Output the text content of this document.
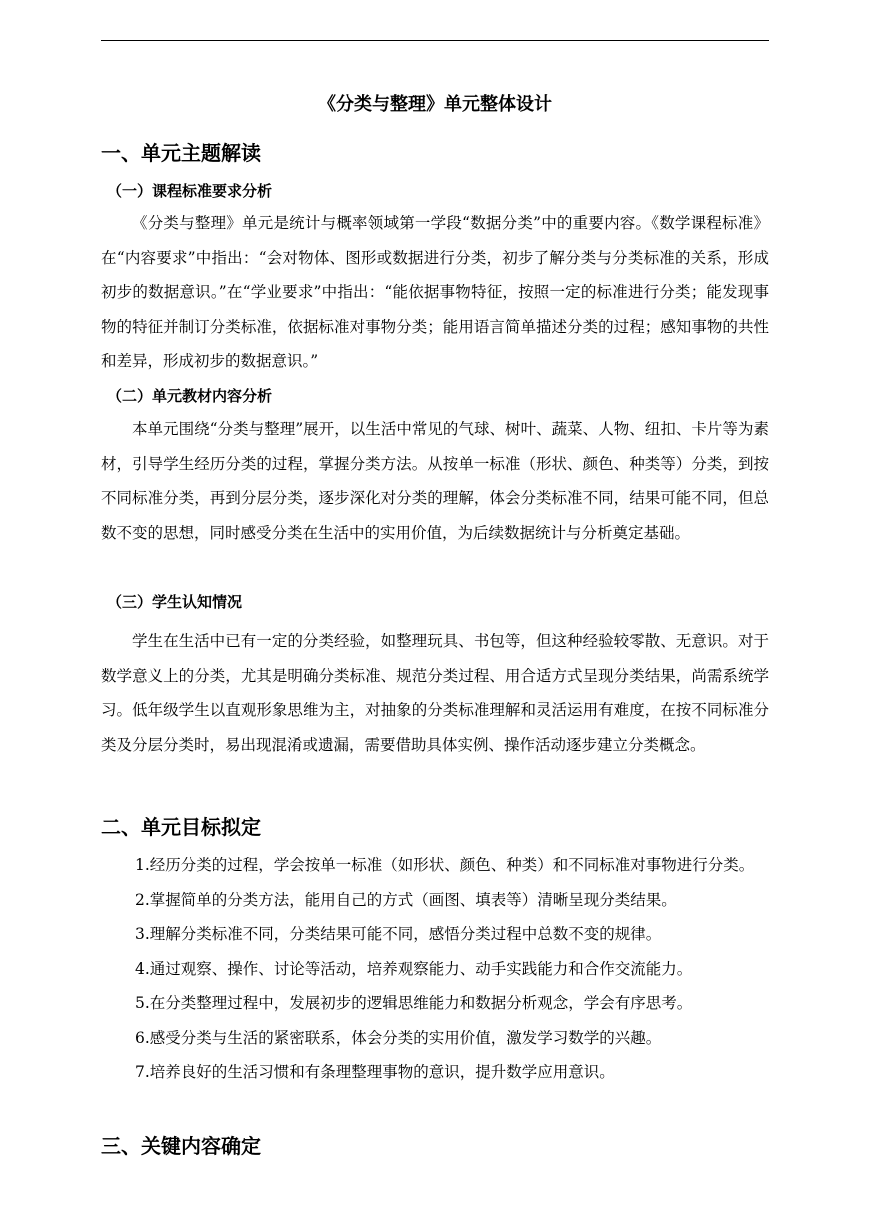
《分类与整理》单元整体设计
一、单元主题解读
（一）课程标准要求分析

《分类与整理》单元是统计与概率领域第一学段“数据分类”中的重要内容。《数学课程标准》在“内容要求”中指出：“会对物体、图形或数据进行分类，初步了解分类与分类标准的关系，形成初步的数据意识。”在“学业要求”中指出：“能依据事物特征，按照一定的标准进行分类；能发现事物的特征并制订分类标准，依据标准对事物分类；能用语言简单描述分类的过程；感知事物的共性和差异，形成初步的数据意识。”

（二）单元教材内容分析

本单元围绕“分类与整理”展开，以生活中常见的气球、树叶、蔬菜、人物、纽扣、卡片等为素材，引导学生经历分类的过程，掌握分类方法。从按单一标准（形状、颜色、种类等）分类，到按不同标准分类，再到分层分类，逐步深化对分类的理解，体会分类标准不同，结果可能不同，但总数不变的思想，同时感受分类在生活中的实用价值，为后续数据统计与分析奠定基础。

（三）学生认知情况

学生在生活中已有一定的分类经验，如整理玩具、书包等，但这种经验较零散、无意识。对于数学意义上的分类，尤其是明确分类标准、规范分类过程、用合适方式呈现分类结果，尚需系统学习。低年级学生以直观形象思维为主，对抽象的分类标准理解和灵活运用有难度，在按不同标准分类及分层分类时，易出现混淆或遗漏，需要借助具体实例、操作活动逐步建立分类概念。

二、单元目标拟定
1.经历分类的过程，学会按单一标准（如形状、颜色、种类）和不同标准对事物进行分类。
2.掌握简单的分类方法，能用自己的方式（画图、填表等）清晰呈现分类结果。
3.理解分类标准不同，分类结果可能不同，感悟分类过程中总数不变的规律。
4.通过观察、操作、讨论等活动，培养观察能力、动手实践能力和合作交流能力。
5.在分类整理过程中，发展初步的逻辑思维能力和数据分析观念，学会有序思考。
6.感受分类与生活的紧密联系，体会分类的实用价值，激发学习数学的兴趣。
7.培养良好的生活习惯和有条理整理事物的意识，提升数学应用意识。
三、关键内容确定
